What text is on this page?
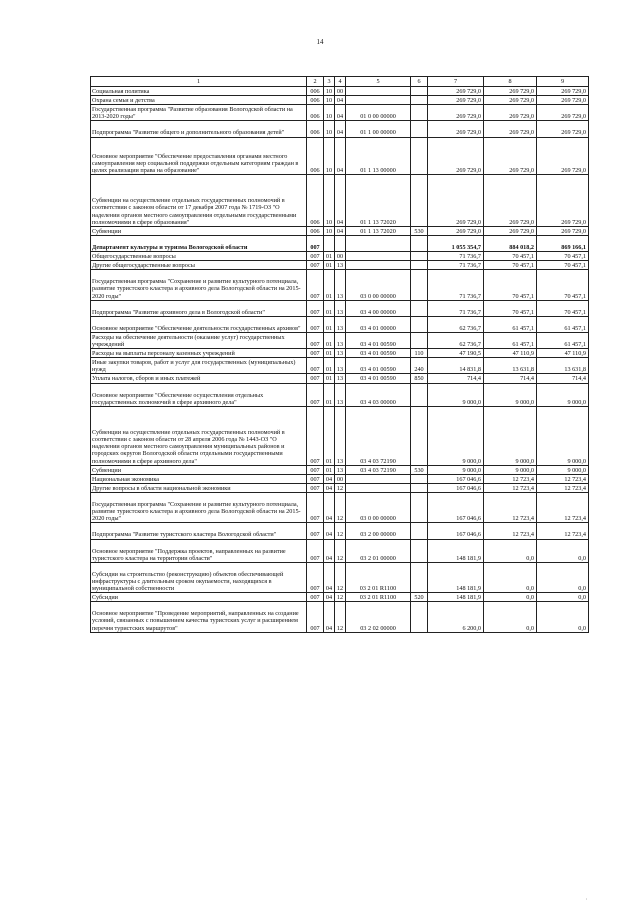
14
1	2	3	4	5	6	7	8	9
Социальная политика	006	10	00			269 729,0	269 729,0	269 729,0
Охрана семьи и детства	006	10	04			269 729,0	269 729,0	269 729,0
Государственная программа "Развитие образования Вологодской области на 2013-2020 годы"	006	10	04	01 0 00 00000		269 729,0	269 729,0	269 729,0
Подпрограмма "Развитие общего и дополнительного образования детей"	006	10	04	01 1 00 00000		269 729,0	269 729,0	269 729,0
Основное мероприятие "Обеспечение предоставления органами местного самоуправления мер социальной поддержки отдельным категориям граждан в целях реализации права на образование"	006	10	04	01 1 13 00000		269 729,0	269 729,0	269 729,0
Субвенции на осуществление отдельных государственных полномочий в соответствии с законом области от 17 декабря 2007 года № 1719-ОЗ "О наделении органов местного самоуправления отдельными государственными полномочиями в сфере образования"	006	10	04	01 1 13 72020		269 729,0	269 729,0	269 729,0
Субвенции	006	10	04	01 1 13 72020	530	269 729,0	269 729,0	269 729,0
Департамент культуры и туризма Вологодской области	007					1 055 354,7	884 018,2	869 166,1
Общегосударственные вопросы	007	01	00			71 736,7	70 457,1	70 457,1
Другие общегосударственные вопросы	007	01	13			71 736,7	70 457,1	70 457,1
Государственная программа "Сохранение и развитие культурного потенциала, развитие туристского кластера и архивного дела Вологодской области на 2015-2020 годы"	007	01	13	03 0 00 00000		71 736,7	70 457,1	70 457,1
Подпрограмма "Развитие архивного дела в Вологодской области"	007	01	13	03 4 00 00000		71 736,7	70 457,1	70 457,1
Основное мероприятие "Обеспечение деятельности государственных архивов"	007	01	13	03 4 01 00000		62 736,7	61 457,1	61 457,1
Расходы на обеспечение деятельности (оказание услуг) государственных учреждений	007	01	13	03 4 01 00590		62 736,7	61 457,1	61 457,1
Расходы на выплаты персоналу казенных учреждений	007	01	13	03 4 01 00590	110	47 190,5	47 110,9	47 110,9
Иные закупки товаров, работ и услуг для государственных (муниципальных) нужд	007	01	13	03 4 01 00590	240	14 831,8	13 631,8	13 631,8
Уплата налогов, сборов и иных платежей	007	01	13	03 4 01 00590	850	714,4	714,4	714,4
Основное мероприятие "Обеспечение осуществления отдельных государственных полномочий в сфере архивного дела"	007	01	13	03 4 03 00000		9 000,0	9 000,0	9 000,0
Субвенции на осуществление отдельных государственных полномочий в соответствии с законом области от 28 апреля 2006 года № 1443-ОЗ "О наделении органов местного самоуправления муниципальных районов и городских округов Вологодской области отдельными государственными полномочиями в сфере архивного дела"	007	01	13	03 4 03 72190		9 000,0	9 000,0	9 000,0
Субвенции	007	01	13	03 4 03 72190	530	9 000,0	9 000,0	9 000,0
Национальная экономика	007	04	00			167 046,6	12 723,4	12 723,4
Другие вопросы в области национальной экономики	007	04	12			167 046,6	12 723,4	12 723,4
Государственная программа "Сохранение и развитие культурного потенциала, развитие туристского кластера и архивного дела Вологодской области на 2015-2020 годы"	007	04	12	03 0 00 00000		167 046,6	12 723,4	12 723,4
Подпрограмма "Развитие туристского кластера Вологодской области"	007	04	12	03 2 00 00000		167 046,6	12 723,4	12 723,4
Основное мероприятие "Поддержка проектов, направленных на развитие туристского кластера на территории области"	007	04	12	03 2 01 00000		148 181,9	0,0	0,0
Субсидии на строительство (реконструкцию) объектов обеспечивающей инфраструктуры с длительным сроком окупаемости, находящихся в муниципальной собственности	007	04	12	03 2 01 R1100		148 181,9	0,0	0,0
Субсидии	007	04	12	03 2 01 R1100	520	148 181,9	0,0	0,0
Основное мероприятие "Проведение мероприятий, направленных на создание условий, связанных с повышением качества туристских услуг и расширением перечня туристских маршрутов"	007	04	12	03 2 02 00000		6 200,0	0,0	0,0
,
